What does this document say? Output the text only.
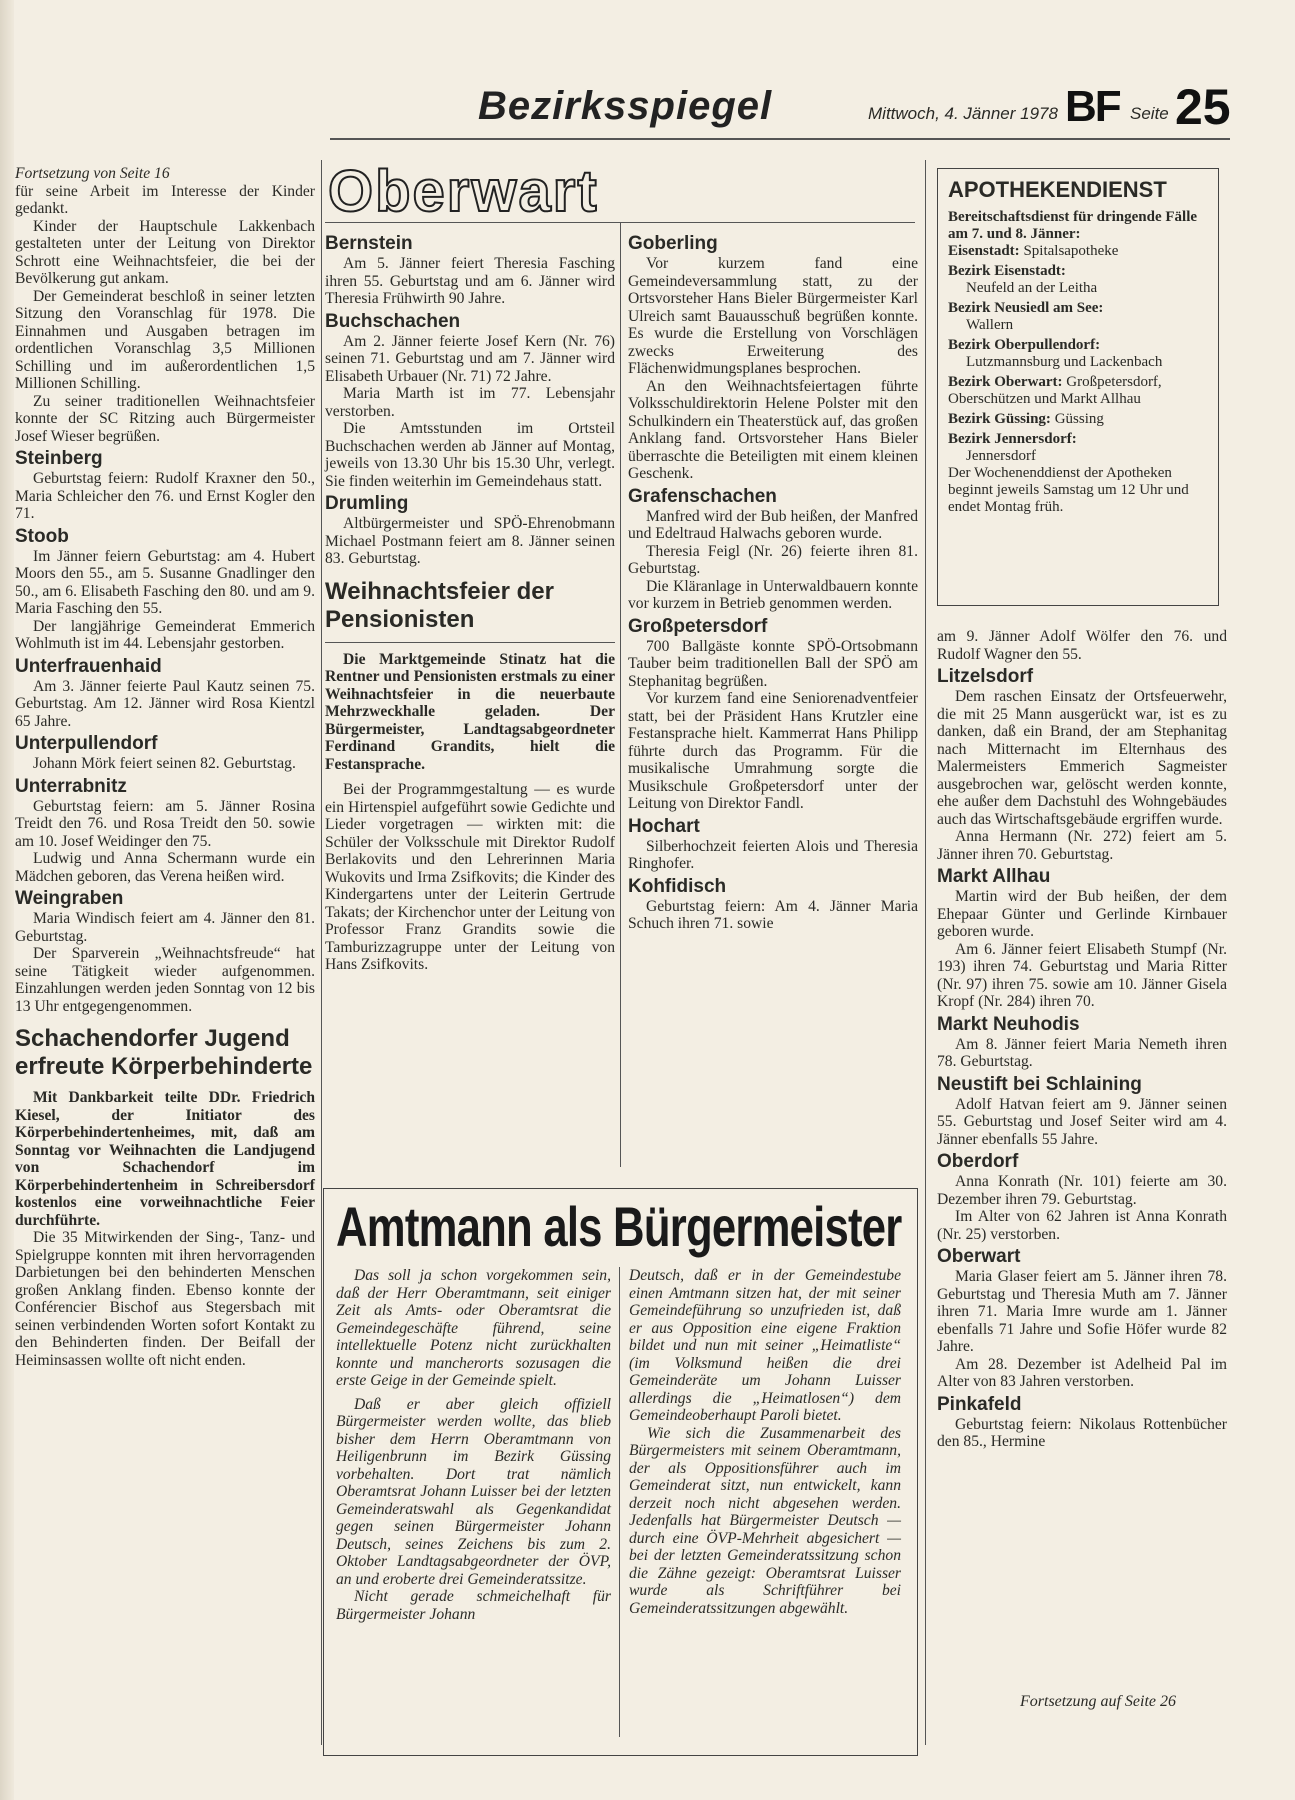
Bezirksspiegel	Mittwoch, 4. Jänner 1978 BF Seite 25

Fortsetzung von Seite 16

für seine Arbeit im Interesse der Kinder gedankt.

Kinder der Hauptschule Lakkenbach gestalteten unter der Leitung von Direktor Schrott eine Weihnachtsfeier, die bei der Bevölkerung gut ankam.

Der Gemeinderat beschloß in seiner letzten Sitzung den Voranschlag für 1978. Die Einnahmen und Ausgaben betragen im ordentlichen Voranschlag 3,5 Millionen Schilling und im außerordentlichen 1,5 Millionen Schilling.

Zu seiner traditionellen Weihnachtsfeier konnte der SC Ritzing auch Bürgermeister Josef Wieser begrüßen.

Steinberg

Geburtstag feiern: Rudolf Kraxner den 50., Maria Schleicher den 76. und Ernst Kogler den 71.

Stoob

Im Jänner feiern Geburtstag: am 4. Hubert Moors den 55., am 5. Susanne Gnadlinger den 50., am 6. Elisabeth Fasching den 80. und am 9. Maria Fasching den 55.

Der langjährige Gemeinderat Emmerich Wohlmuth ist im 44. Lebensjahr gestorben.

Unterfrauenhaid

Am 3. Jänner feierte Paul Kautz seinen 75. Geburtstag. Am 12. Jänner wird Rosa Kientzl 65 Jahre.

Unterpullendorf

Johann Mörk feiert seinen 82. Geburtstag.

Unterrabnitz

Geburtstag feiern: am 5. Jänner Rosina Treidt den 76. und Rosa Treidt den 50. sowie am 10. Josef Weidinger den 75.

Ludwig und Anna Schermann wurde ein Mädchen geboren, das Verena heißen wird.

Weingraben

Maria Windisch feiert am 4. Jänner den 81. Geburtstag.

Der Sparverein „Weihnachtsfreude“ hat seine Tätigkeit wieder aufgenommen. Einzahlungen werden jeden Sonntag von 12 bis 13 Uhr entgegengenommen.

Schachendorfer Jugend erfreute Körperbehinderte

Mit Dankbarkeit teilte DDr. Friedrich Kiesel, der Initiator des Körperbehindertenheimes, mit, daß am Sonntag vor Weihnachten die Landjugend von Schachendorf im Körperbehindertenheim in Schreibersdorf kostenlos eine vorweihnachtliche Feier durchführte.

Die 35 Mitwirkenden der Sing-, Tanz- und Spielgruppe konnten mit ihren hervorragenden Darbietungen bei den behinderten Menschen großen Anklang finden. Ebenso konnte der Conférencier Bischof aus Stegersbach mit seinen verbindenden Worten sofort Kontakt zu den Behinderten finden. Der Beifall der Heiminsassen wollte oft nicht enden.

Oberwart
Bernstein

Am 5. Jänner feiert Theresia Fasching ihren 55. Geburtstag und am 6. Jänner wird Theresia Frühwirth 90 Jahre.

Buchschachen

Am 2. Jänner feierte Josef Kern (Nr. 76) seinen 71. Geburtstag und am 7. Jänner wird Elisabeth Urbauer (Nr. 71) 72 Jahre.

Maria Marth ist im 77. Lebensjahr verstorben.

Die Amtsstunden im Ortsteil Buchschachen werden ab Jänner auf Montag, jeweils von 13.30 Uhr bis 15.30 Uhr, verlegt. Sie finden weiterhin im Gemeindehaus statt.

Drumling

Altbürgermeister und SPÖ-Ehrenobmann Michael Postmann feiert am 8. Jänner seinen 83. Geburtstag.

Weihnachtsfeier der Pensionisten

Die Marktgemeinde Stinatz hat die Rentner und Pensionisten erstmals zu einer Weihnachtsfeier in die neuerbaute Mehrzweckhalle geladen. Der Bürgermeister, Landtagsabgeordneter Ferdinand Grandits, hielt die Festansprache.

Bei der Programmgestaltung — es wurde ein Hirtenspiel aufgeführt sowie Gedichte und Lieder vorgetragen — wirkten mit: die Schüler der Volksschule mit Direktor Rudolf Berlakovits und den Lehrerinnen Maria Wukovits und Irma Zsifkovits; die Kinder des Kindergartens unter der Leiterin Gertrude Takats; der Kirchenchor unter der Leitung von Professor Franz Grandits sowie die Tamburizzagruppe unter der Leitung von Hans Zsifkovits.

Goberling

Vor kurzem fand eine Gemeindeversammlung statt, zu der Ortsvorsteher Hans Bieler Bürgermeister Karl Ulreich samt Bauausschuß begrüßen konnte. Es wurde die Erstellung von Vorschlägen zwecks Erweiterung des Flächenwidmungsplanes besprochen.

An den Weihnachtsfeiertagen führte Volksschuldirektorin Helene Polster mit den Schulkindern ein Theaterstück auf, das großen Anklang fand. Ortsvorsteher Hans Bieler überraschte die Beteiligten mit einem kleinen Geschenk.

Grafenschachen

Manfred wird der Bub heißen, der Manfred und Edeltraud Halwachs geboren wurde.

Theresia Feigl (Nr. 26) feierte ihren 81. Geburtstag.

Die Kläranlage in Unterwaldbauern konnte vor kurzem in Betrieb genommen werden.

Großpetersdorf

700 Ballgäste konnte SPÖ-Ortsobmann Tauber beim traditionellen Ball der SPÖ am Stephanitag begrüßen.

Vor kurzem fand eine Seniorenadventfeier statt, bei der Präsident Hans Krutzler eine Festansprache hielt. Kammerrat Hans Philipp führte durch das Programm. Für die musikalische Umrahmung sorgte die Musikschule Großpetersdorf unter der Leitung von Direktor Fandl.

Hochart

Silberhochzeit feierten Alois und Theresia Ringhofer.

Kohfidisch

Geburtstag feiern: Am 4. Jänner Maria Schuch ihren 71. sowie

APOTHEKENDIENST

Bereitschaftsdienst für dringende Fälle am 7. und 8. Jänner:

Eisenstadt: Spitalsapotheke

Bezirk Eisenstadt:

Neufeld an der Leitha

Bezirk Neusiedl am See:

Wallern

Bezirk Oberpullendorf:

Lutzmannsburg und Lackenbach

Bezirk Oberwart: Großpetersdorf, Oberschützen und Markt Allhau

Bezirk Güssing: Güssing

Bezirk Jennersdorf:

Jennersdorf

Der Wochenenddienst der Apotheken beginnt jeweils Samstag um 12 Uhr und endet Montag früh.

am 9. Jänner Adolf Wölfer den 76. und Rudolf Wagner den 55.

Litzelsdorf

Dem raschen Einsatz der Ortsfeuerwehr, die mit 25 Mann ausgerückt war, ist es zu danken, daß ein Brand, der am Stephanitag nach Mitternacht im Elternhaus des Malermeisters Emmerich Sagmeister ausgebrochen war, gelöscht werden konnte, ehe außer dem Dachstuhl des Wohngebäudes auch das Wirtschaftsgebäude ergriffen wurde.

Anna Hermann (Nr. 272) feiert am 5. Jänner ihren 70. Geburtstag.

Markt Allhau

Martin wird der Bub heißen, der dem Ehepaar Günter und Gerlinde Kirnbauer geboren wurde.

Am 6. Jänner feiert Elisabeth Stumpf (Nr. 193) ihren 74. Geburtstag und Maria Ritter (Nr. 97) ihren 75. sowie am 10. Jänner Gisela Kropf (Nr. 284) ihren 70.

Markt Neuhodis

Am 8. Jänner feiert Maria Nemeth ihren 78. Geburtstag.

Neustift bei Schlaining

Adolf Hatvan feiert am 9. Jänner seinen 55. Geburtstag und Josef Seiter wird am 4. Jänner ebenfalls 55 Jahre.

Oberdorf

Anna Konrath (Nr. 101) feierte am 30. Dezember ihren 79. Geburtstag.

Im Alter von 62 Jahren ist Anna Konrath (Nr. 25) verstorben.

Oberwart

Maria Glaser feiert am 5. Jänner ihren 78. Geburtstag und Theresia Muth am 7. Jänner ihren 71. Maria Imre wurde am 1. Jänner ebenfalls 71 Jahre und Sofie Höfer wurde 82 Jahre.

Am 28. Dezember ist Adelheid Pal im Alter von 83 Jahren verstorben.

Pinkafeld

Geburtstag feiern: Nikolaus Rottenbücher den 85., Hermine

Fortsetzung auf Seite 26
Amtmann als Bürgermeister

Das soll ja schon vorgekommen sein, daß der Herr Oberamtmann, seit einiger Zeit als Amts- oder Oberamtsrat die Gemeindegeschäfte führend, seine intellektuelle Potenz nicht zurückhalten konnte und mancherorts sozusagen die erste Geige in der Gemeinde spielt.

Daß er aber gleich offiziell Bürgermeister werden wollte, das blieb bisher dem Herrn Oberamtmann von Heiligenbrunn im Bezirk Güssing vorbehalten. Dort trat nämlich Oberamtsrat Johann Luisser bei der letzten Gemeinderatswahl als Gegenkandidat gegen seinen Bürgermeister Johann Deutsch, seines Zeichens bis zum 2. Oktober Landtagsabgeordneter der ÖVP, an und eroberte drei Gemeinderatssitze.

Nicht gerade schmeichelhaft für Bürgermeister Johann

Deutsch, daß er in der Gemeindestube einen Amtmann sitzen hat, der mit seiner Gemeindeführung so unzufrieden ist, daß er aus Opposition eine eigene Fraktion bildet und nun mit seiner „Heimatliste“ (im Volksmund heißen die drei Gemeinderäte um Johann Luisser allerdings die „Heimatlosen“) dem Gemeindeoberhaupt Paroli bietet.

Wie sich die Zusammenarbeit des Bürgermeisters mit seinem Oberamtmann, der als Oppositionsführer auch im Gemeinderat sitzt, nun entwickelt, kann derzeit noch nicht abgesehen werden. Jedenfalls hat Bürgermeister Deutsch — durch eine ÖVP-Mehrheit abgesichert — bei der letzten Gemeinderatssitzung schon die Zähne gezeigt: Oberamtsrat Luisser wurde als Schriftführer bei Gemeinderatssitzungen abgewählt.
